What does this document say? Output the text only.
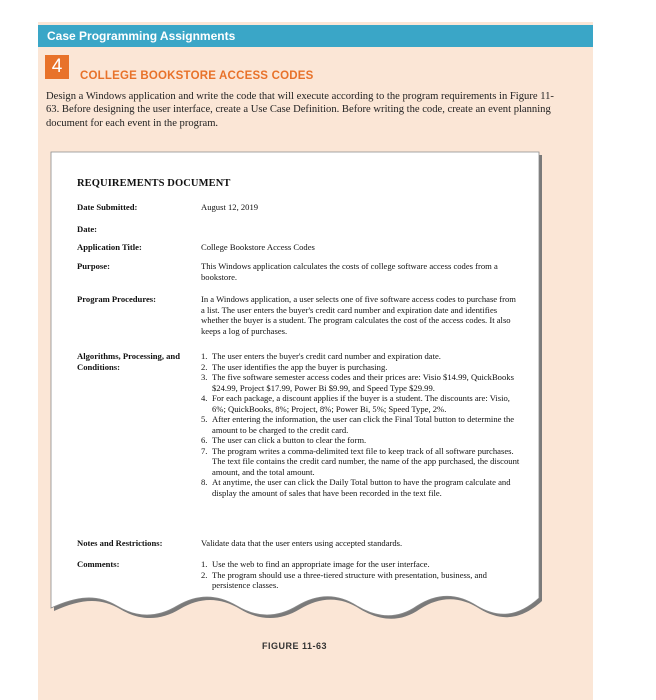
Case Programming Assignments
4	COLLEGE BOOKSTORE ACCESS CODES
Design a Windows application and write the code that will execute according to the program requirements in Figure 11-63. Before designing the user interface, create a Use Case Definition. Before writing the code, create an event planning document for each event in the program.
REQUIREMENTS DOCUMENT
Date Submitted:	August 12, 2019
Date:
Application Title:	College Bookstore Access Codes
Purpose:	This Windows application calculates the costs of college software access codes from a bookstore.
Program Procedures:	In a Windows application, a user selects one of five software access codes to purchase from a list. The user enters the buyer's credit card number and expiration date and identifies whether the buyer is a student. The program calculates the cost of the access codes. It also keeps a log of purchases.
Algorithms, Processing, and Conditions:
1. The user enters the buyer's credit card number and expiration date.
2. The user identifies the app the buyer is purchasing.
3. The five software semester access codes and their prices are: Visio $14.99, QuickBooks $24.99, Project $17.99, Power Bi $9.99, and Speed Type $29.99.
4. For each package, a discount applies if the buyer is a student. The discounts are: Visio, 6%; QuickBooks, 8%; Project, 8%; Power Bi, 5%; Speed Type, 2%.
5. After entering the information, the user can click the Final Total button to determine the amount to be charged to the credit card.
6. The user can click a button to clear the form.
7. The program writes a comma-delimited text file to keep track of all software purchases. The text file contains the credit card number, the name of the app purchased, the discount amount, and the total amount.
8. At anytime, the user can click the Daily Total button to have the program calculate and display the amount of sales that have been recorded in the text file.
Notes and Restrictions:	Validate data that the user enters using accepted standards.
Comments:	1. Use the web to find an appropriate image for the user interface.
2. The program should use a three-tiered structure with presentation, business, and persistence classes.
FIGURE 11-63
